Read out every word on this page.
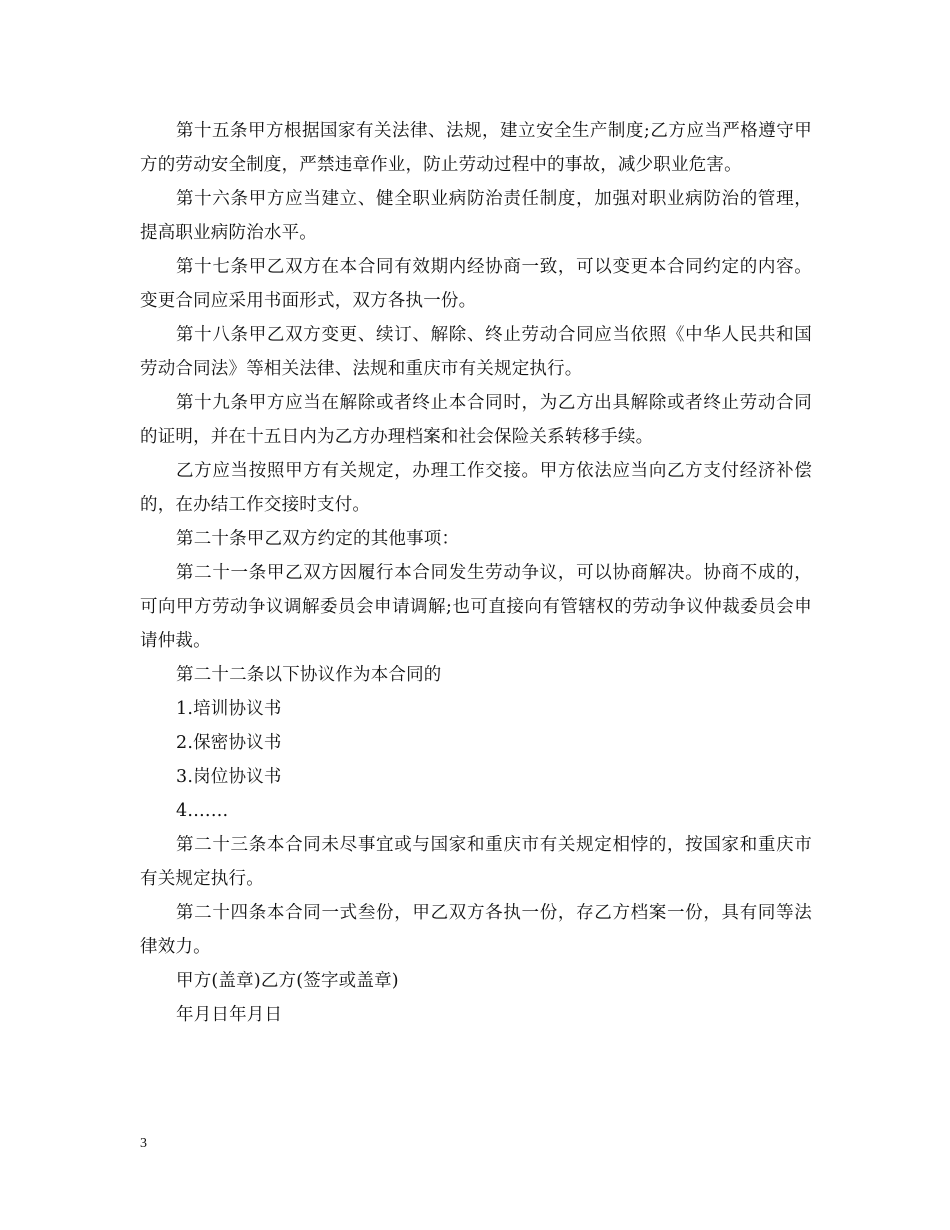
第十五条甲方根据国家有关法律、法规，建立安全生产制度;乙方应当严格遵守甲方的劳动安全制度，严禁违章作业，防止劳动过程中的事故，减少职业危害。

第十六条甲方应当建立、健全职业病防治责任制度，加强对职业病防治的管理，提高职业病防治水平。

第十七条甲乙双方在本合同有效期内经协商一致，可以变更本合同约定的内容。变更合同应采用书面形式，双方各执一份。

第十八条甲乙双方变更、续订、解除、终止劳动合同应当依照《中华人民共和国劳动合同法》等相关法律、法规和重庆市有关规定执行。

第十九条甲方应当在解除或者终止本合同时，为乙方出具解除或者终止劳动合同的证明，并在十五日内为乙方办理档案和社会保险关系转移手续。

乙方应当按照甲方有关规定，办理工作交接。甲方依法应当向乙方支付经济补偿的，在办结工作交接时支付。

第二十条甲乙双方约定的其他事项：

第二十一条甲乙双方因履行本合同发生劳动争议，可以协商解决。协商不成的，可向甲方劳动争议调解委员会申请调解;也可直接向有管辖权的劳动争议仲裁委员会申请仲裁。

第二十二条以下协议作为本合同的

1.培训协议书

2.保密协议书

3.岗位协议书

4.……

第二十三条本合同未尽事宜或与国家和重庆市有关规定相悖的，按国家和重庆市有关规定执行。

第二十四条本合同一式叁份，甲乙双方各执一份，存乙方档案一份，具有同等法律效力。

甲方(盖章)乙方(签字或盖章)

年月日年月日

3
